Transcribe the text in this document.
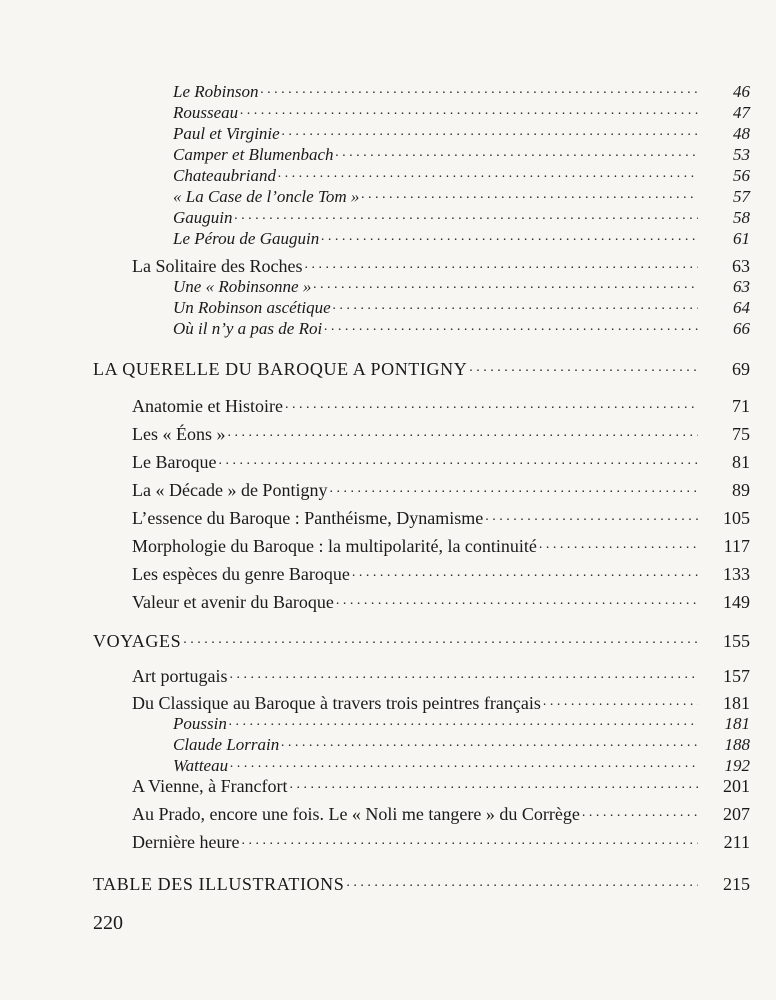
Le Robinson . . .	46
Rousseau . . .	47
Paul et Virginie . . .	48
Camper et Blumenbach . . .	53
Chateaubriand . . .	56
« La Case de l’oncle Tom » . . .	57
Gauguin . . .	58
Le Pérou de Gauguin . . .	61
La Solitaire des Roches . . .	63
Une « Robinsonne » . . .	63
Un Robinson ascétique . . .	64
Où il n’y a pas de Roi . . .	66
LA QUERELLE DU BAROQUE A PONTIGNY . . .	69
Anatomie et Histoire . . .	71
Les « Éons » . . .	75
Le Baroque . . .	81
La « Décade » de Pontigny . . .	89
L’essence du Baroque : Panthéisme, Dynamisme . . .	105
Morphologie du Baroque : la multipolarité, la continuité . . .	117
Les espèces du genre Baroque . . .	133
Valeur et avenir du Baroque . . .	149
VOYAGES . . .	155
Art portugais . . .	157
Du Classique au Baroque à travers trois peintres français . . .	181
Poussin . . .	181
Claude Lorrain . . .	188
Watteau . . .	192
A Vienne, à Francfort . . .	201
Au Prado, encore une fois. Le « Noli me tangere » du Corrège . . .	207
Dernière heure . . .	211
TABLE DES ILLUSTRATIONS . . .	215
220
